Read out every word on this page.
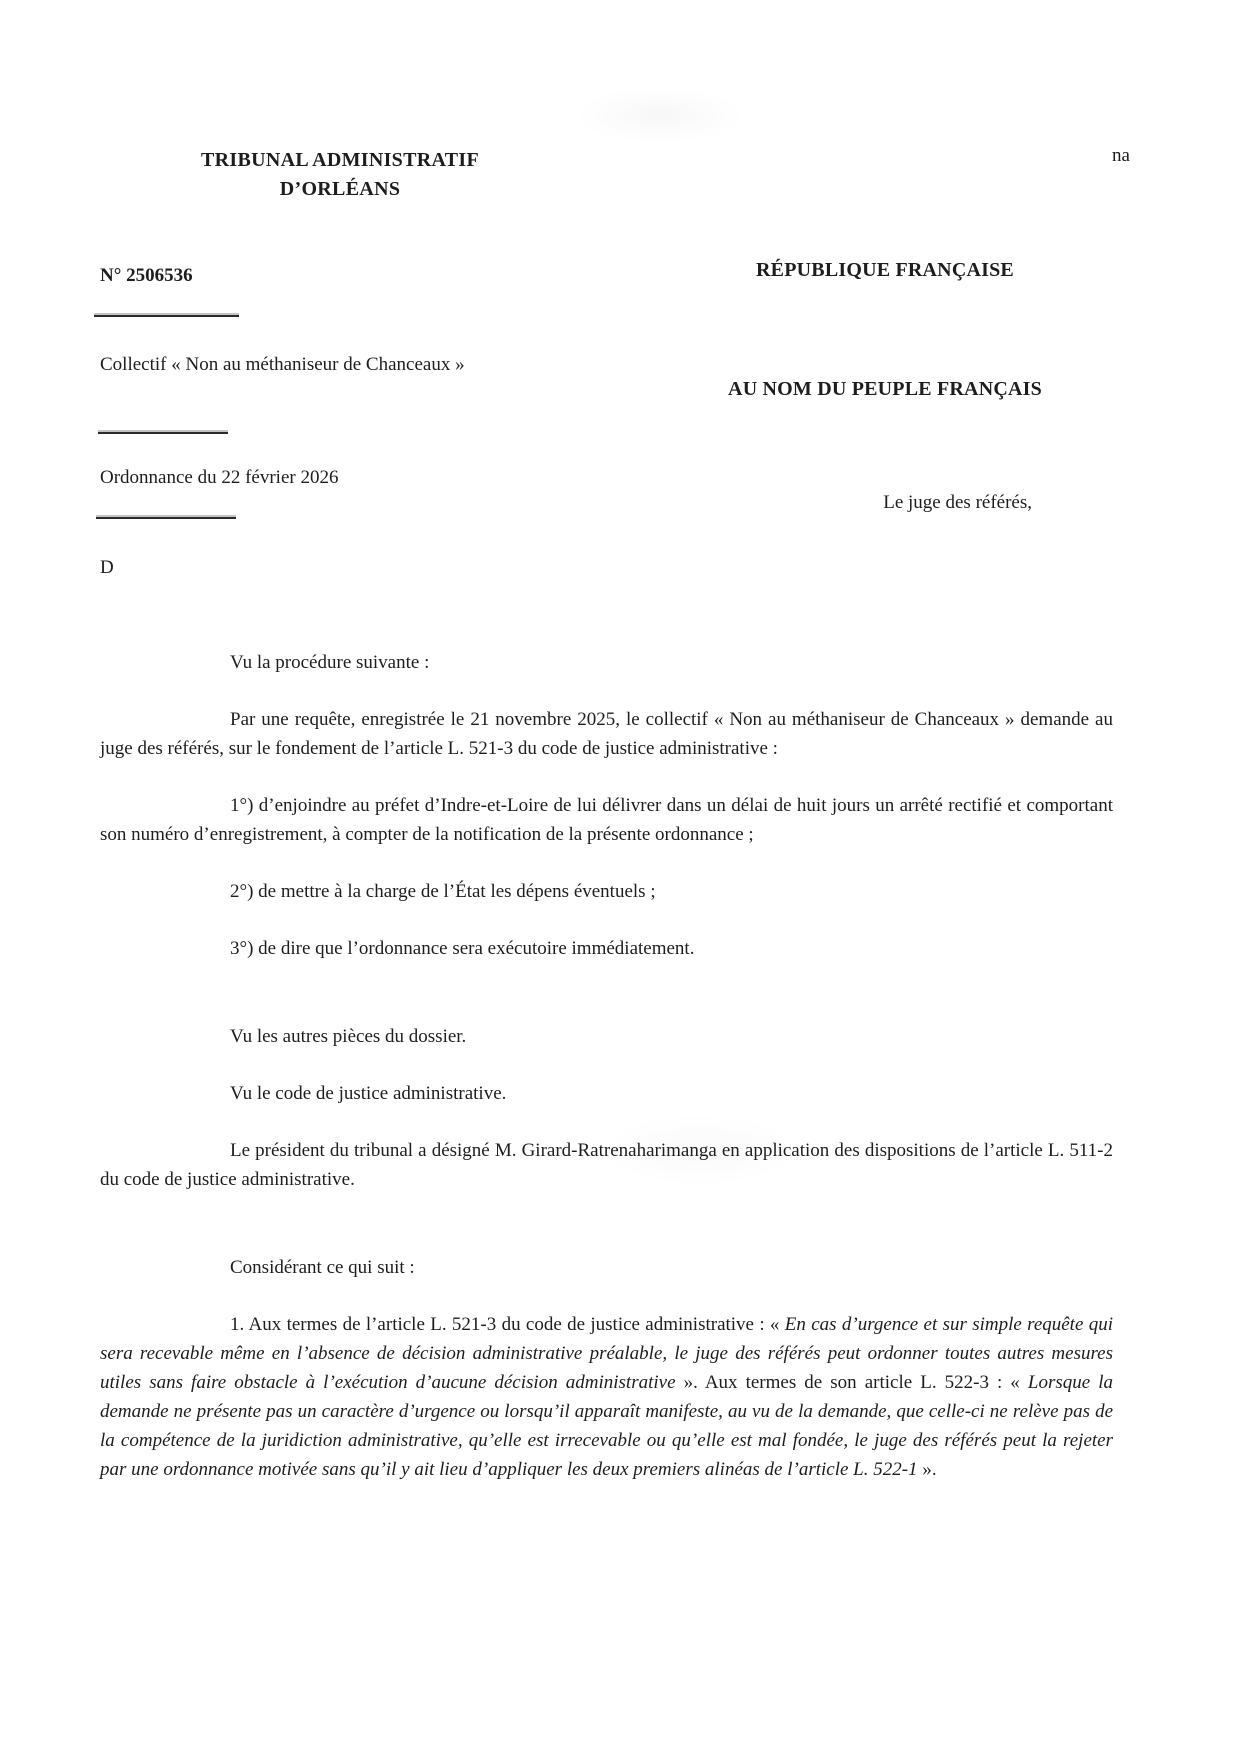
TRIBUNAL ADMINISTRATIF
D’ORLÉANS
na
N° 2506536	RÉPUBLIQUE FRANÇAISE
Collectif « Non au méthaniseur de Chanceaux »
AU NOM DU PEUPLE FRANÇAIS
Ordonnance du 22 février 2026
Le juge des référés,
D

Vu la procédure suivante :

Par une requête, enregistrée le 21 novembre 2025, le collectif « Non au méthaniseur de Chanceaux » demande au juge des référés, sur le fondement de l’article L. 521-3 du code de justice administrative :

1°) d’enjoindre au préfet d’Indre-et-Loire de lui délivrer dans un délai de huit jours un arrêté rectifié et comportant son numéro d’enregistrement, à compter de la notification de la présente ordonnance ;

2°) de mettre à la charge de l’État les dépens éventuels ;

3°) de dire que l’ordonnance sera exécutoire immédiatement.

Vu les autres pièces du dossier.

Vu le code de justice administrative.

Le président du tribunal a désigné M. Girard-Ratrenaharimanga en application des dispositions de l’article L. 511-2 du code de justice administrative.

Considérant ce qui suit :

1. Aux termes de l’article L. 521-3 du code de justice administrative : « En cas d’urgence et sur simple requête qui sera recevable même en l’absence de décision administrative préalable, le juge des référés peut ordonner toutes autres mesures utiles sans faire obstacle à l’exécution d’aucune décision administrative ». Aux termes de son article L. 522-3 : « Lorsque la demande ne présente pas un caractère d’urgence ou lorsqu’il apparaît manifeste, au vu de la demande, que celle-ci ne relève pas de la compétence de la juridiction administrative, qu’elle est irrecevable ou qu’elle est mal fondée, le juge des référés peut la rejeter par une ordonnance motivée sans qu’il y ait lieu d’appliquer les deux premiers alinéas de l’article L. 522-1 ».
